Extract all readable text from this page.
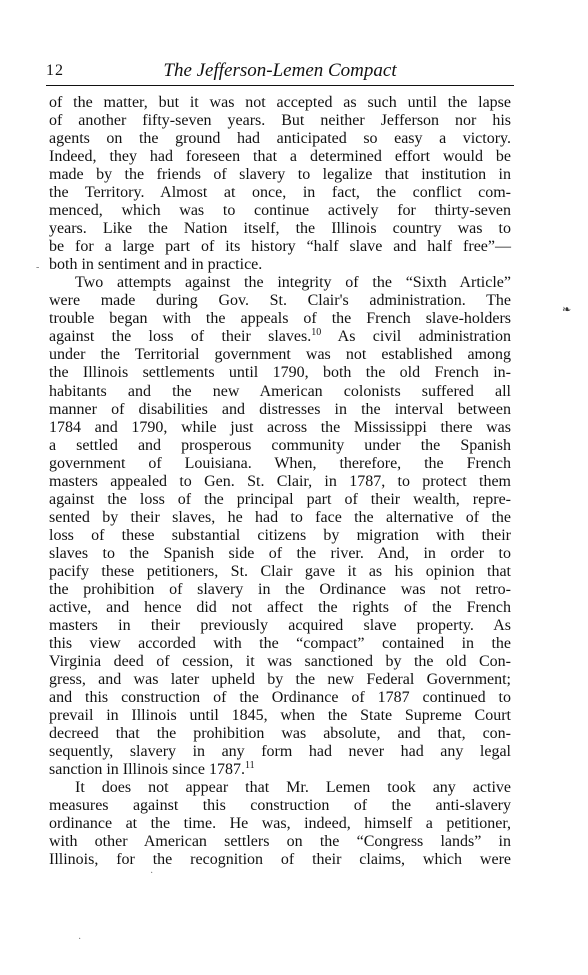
12	The Jefferson-Lemen Compact
of the matter, but it was not accepted as such until the lapse
of another fifty-seven years. But neither Jefferson nor his
agents on the ground had anticipated so easy a victory.
Indeed, they had foreseen that a determined effort would be
made by the friends of slavery to legalize that institution in
the Territory. Almost at once, in fact, the conflict com-
menced, which was to continue actively for thirty-seven
years. Like the Nation itself, the Illinois country was to
be for a large part of its history “half slave and half free”—
both in sentiment and in practice.
Two attempts against the integrity of the “Sixth Article”
were made during Gov. St. Clair's administration. The
trouble began with the appeals of the French slave-holders
against the loss of their slaves.$^{10}$ As civil administration
under the Territorial government was not established among
the Illinois settlements until 1790, both the old French in-
habitants and the new American colonists suffered all
manner of disabilities and distresses in the interval between
1784 and 1790, while just across the Mississippi there was
a settled and prosperous community under the Spanish
government of Louisiana. When, therefore, the French
masters appealed to Gen. St. Clair, in 1787, to protect them
against the loss of the principal part of their wealth, repre-
sented by their slaves, he had to face the alternative of the
loss of these substantial citizens by migration with their
slaves to the Spanish side of the river. And, in order to
pacify these petitioners, St. Clair gave it as his opinion that
the prohibition of slavery in the Ordinance was not retro-
active, and hence did not affect the rights of the French
masters in their previously acquired slave property. As
this view accorded with the “compact” contained in the
Virginia deed of cession, it was sanctioned by the old Con-
gress, and was later upheld by the new Federal Government;
and this construction of the Ordinance of 1787 continued to
prevail in Illinois until 1845, when the State Supreme Court
decreed that the prohibition was absolute, and that, con-
sequently, slavery in any form had never had any legal
sanction in Illinois since 1787.11
It does not appear that Mr. Lemen took any active
measures against this construction of the anti-slavery
ordinance at the time. He was, indeed, himself a petitioner,
with other American settlers on the “Congress lands” in
Illinois, for the recognition of their claims, which were
❧
-
·
·
